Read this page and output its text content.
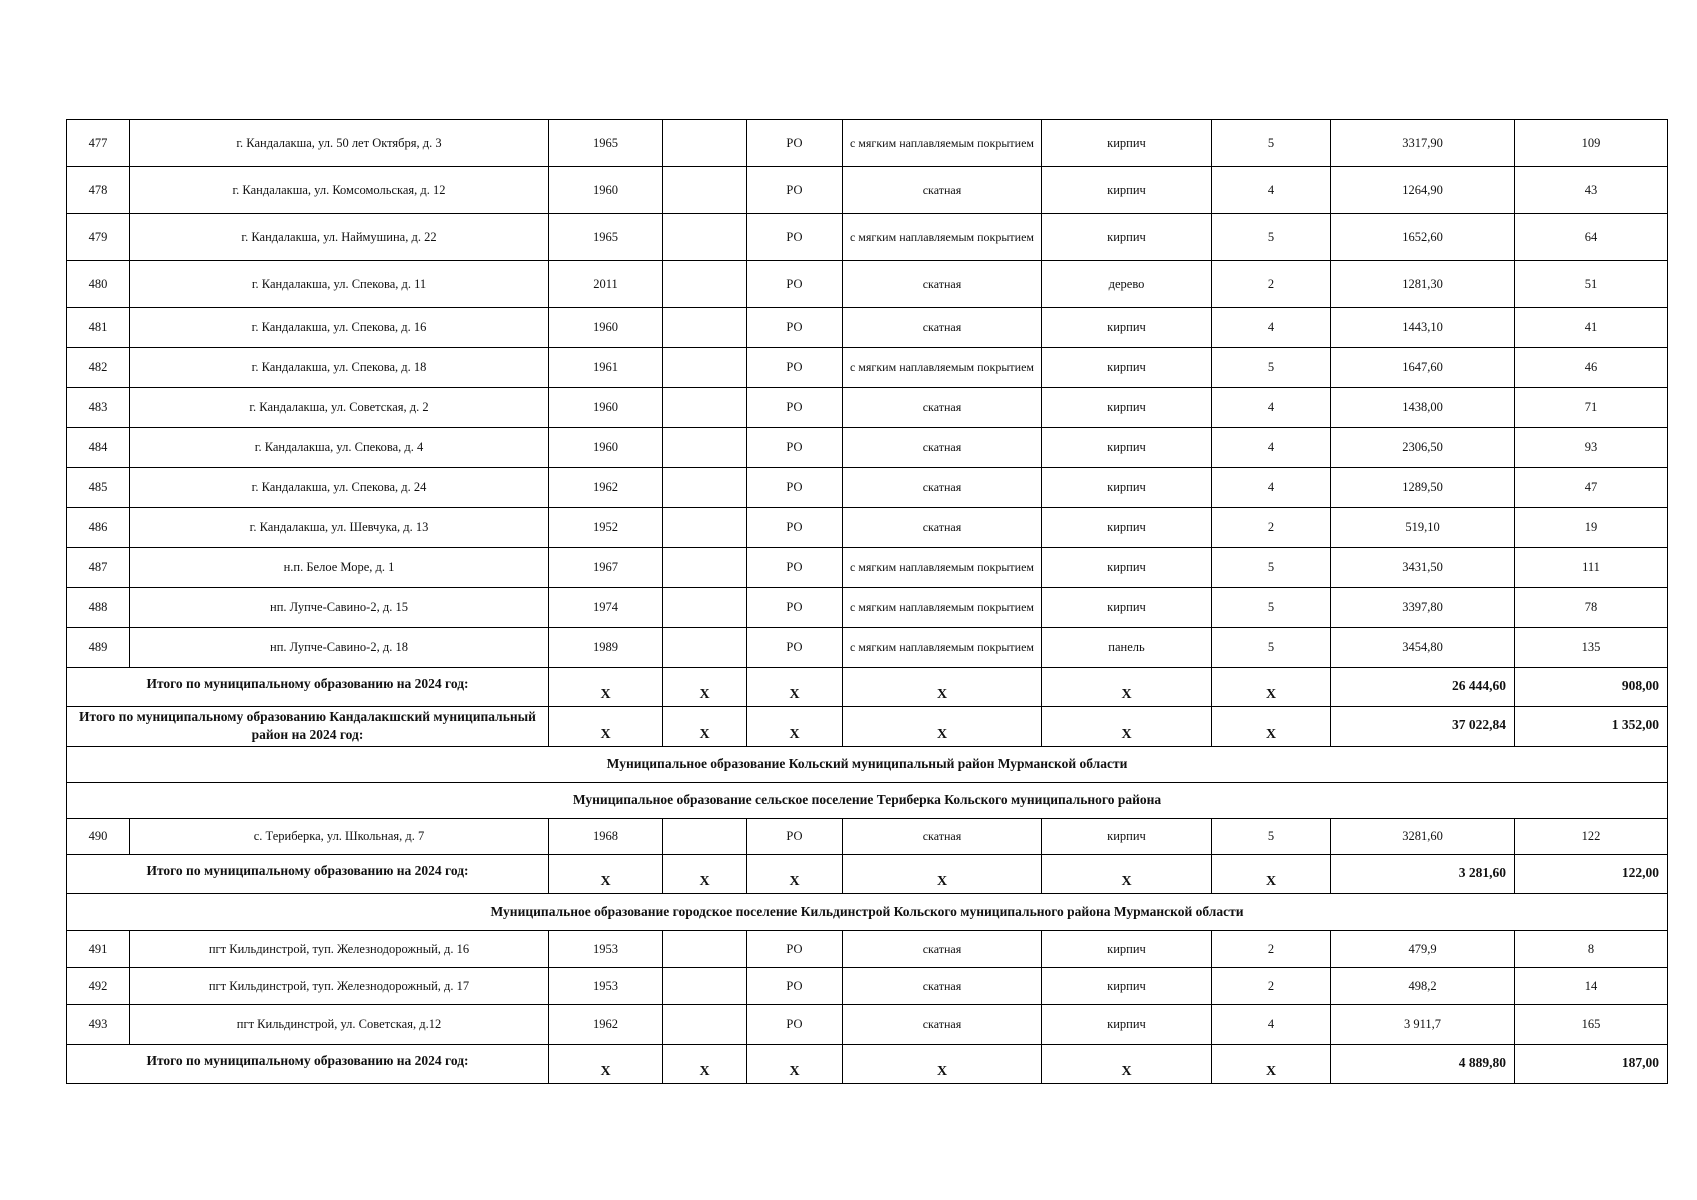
477	г. Кандалакша, ул. 50 лет Октября, д. 3	1965		РО	с мягким наплавляемым покрытием	кирпич	5	3317,90	109
478	г. Кандалакша, ул. Комсомольская, д. 12	1960		РО	скатная	кирпич	4	1264,90	43
479	г. Кандалакша, ул. Наймушина, д. 22	1965		РО	с мягким наплавляемым покрытием	кирпич	5	1652,60	64
480	г. Кандалакша, ул. Спекова, д. 11	2011		РО	скатная	дерево	2	1281,30	51
481	г. Кандалакша, ул. Спекова, д. 16	1960		РО	скатная	кирпич	4	1443,10	41
482	г. Кандалакша, ул. Спекова, д. 18	1961		РО	с мягким наплавляемым покрытием	кирпич	5	1647,60	46
483	г. Кандалакша, ул. Советская, д. 2	1960		РО	скатная	кирпич	4	1438,00	71
484	г. Кандалакша, ул. Спекова, д. 4	1960		РО	скатная	кирпич	4	2306,50	93
485	г. Кандалакша, ул. Спекова, д. 24	1962		РО	скатная	кирпич	4	1289,50	47
486	г. Кандалакша, ул. Шевчука, д. 13	1952		РО	скатная	кирпич	2	519,10	19
487	н.п. Белое Море, д. 1	1967		РО	с мягким наплавляемым покрытием	кирпич	5	3431,50	111
488	нп. Лупче-Савино-2, д. 15	1974		РО	с мягким наплавляемым покрытием	кирпич	5	3397,80	78
489	нп. Лупче-Савино-2, д. 18	1989		РО	с мягким наплавляемым покрытием	панель	5	3454,80	135
Итого по муниципальному образованию на 2024 год:		X	X	X	X	X	X	26 444,60	908,00
Итого по муниципальному образованию Кандалакшский муниципальный район на 2024 год:		X	X	X	X	X	X	37 022,84	1 352,00
Муниципальное образование Кольский муниципальный район Мурманской области									
Муниципальное образование сельское поселение Териберка Кольского муниципального района									
490	с. Териберка, ул. Школьная, д. 7	1968		РО	скатная	кирпич	5	3281,60	122
Итого по муниципальному образованию на 2024 год:		X	X	X	X	X	X	3 281,60	122,00
Муниципальное образование городское поселение Кильдинстрой Кольского муниципального района Мурманской области									
491	пгт Кильдинстрой, туп. Железнодорожный, д. 16	1953		РО	скатная	кирпич	2	479,9	8
492	пгт Кильдинстрой, туп. Железнодорожный, д. 17	1953		РО	скатная	кирпич	2	498,2	14
493	пгт Кильдинстрой, ул. Советская, д.12	1962		РО	скатная	кирпич	4	3 911,7	165
Итого по муниципальному образованию на 2024 год:		X	X	X	X	X	X	4 889,80	187,00
